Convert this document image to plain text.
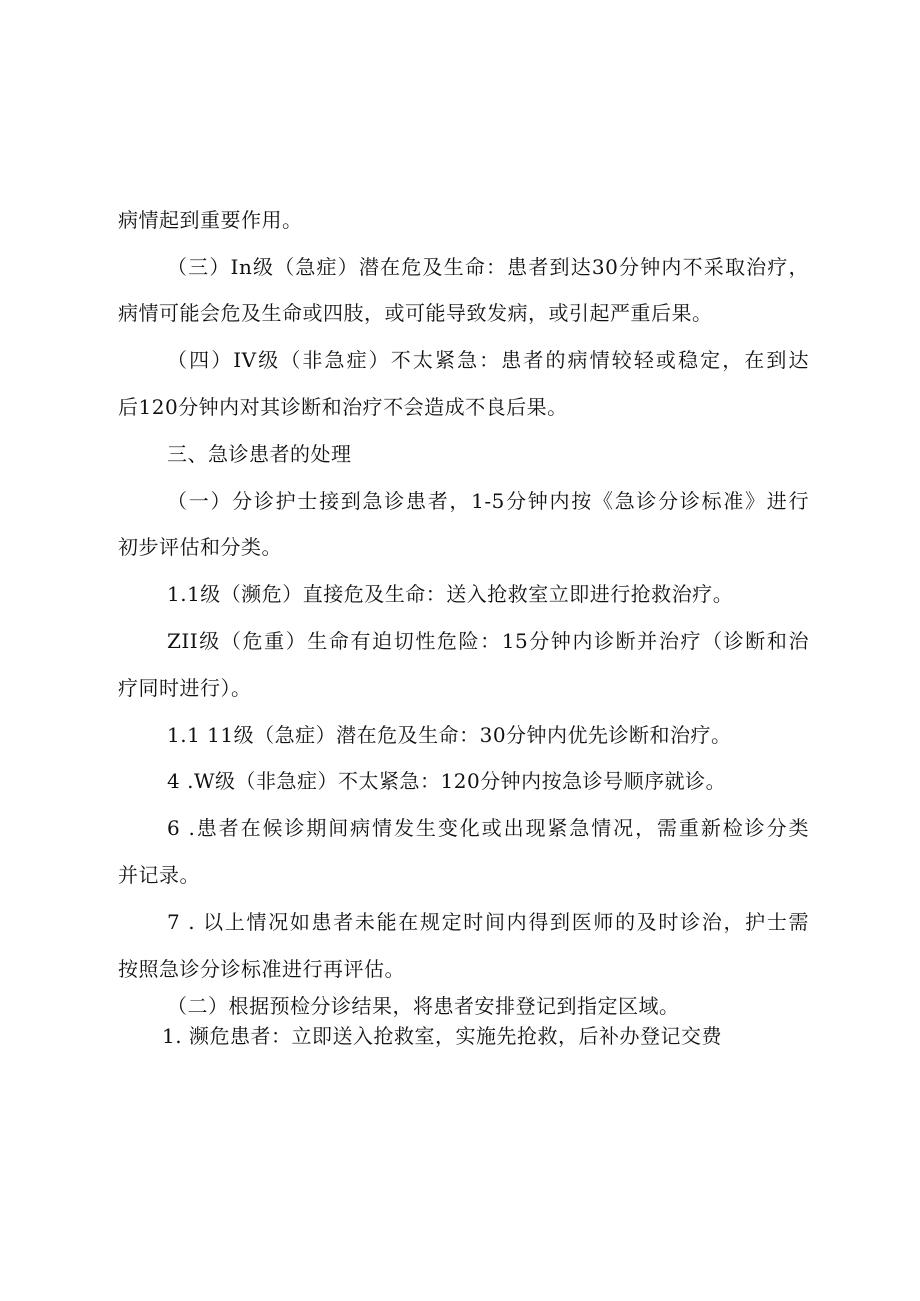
病情起到重要作用。
（三）In级（急症）潜在危及生命：患者到达30分钟内不采取治疗，
病情可能会危及生命或四肢，或可能导致发病，或引起严重后果。
（四）IV级（非急症）不太紧急：患者的病情较轻或稳定，在到达
后120分钟内对其诊断和治疗不会造成不良后果。
三、急诊患者的处理
（一）分诊护士接到急诊患者，1-5分钟内按《急诊分诊标准》进行
初步评估和分类。
1.1级（濒危）直接危及生命：送入抢救室立即进行抢救治疗。
ZII级（危重）生命有迫切性危险：15分钟内诊断并治疗（诊断和治
疗同时进行）。
1.1 11级（急症）潜在危及生命：30分钟内优先诊断和治疗。
4 .W级（非急症）不太紧急：120分钟内按急诊号顺序就诊。
6 .患者在候诊期间病情发生变化或出现紧急情况，需重新检诊分类
并记录。
7 . 以上情况如患者未能在规定时间内得到医师的及时诊治，护士需
按照急诊分诊标准进行再评估。
（二）根据预检分诊结果，将患者安排登记到指定区域。
1. 濒危患者：立即送入抢救室，实施先抢救，后补办登记交费
